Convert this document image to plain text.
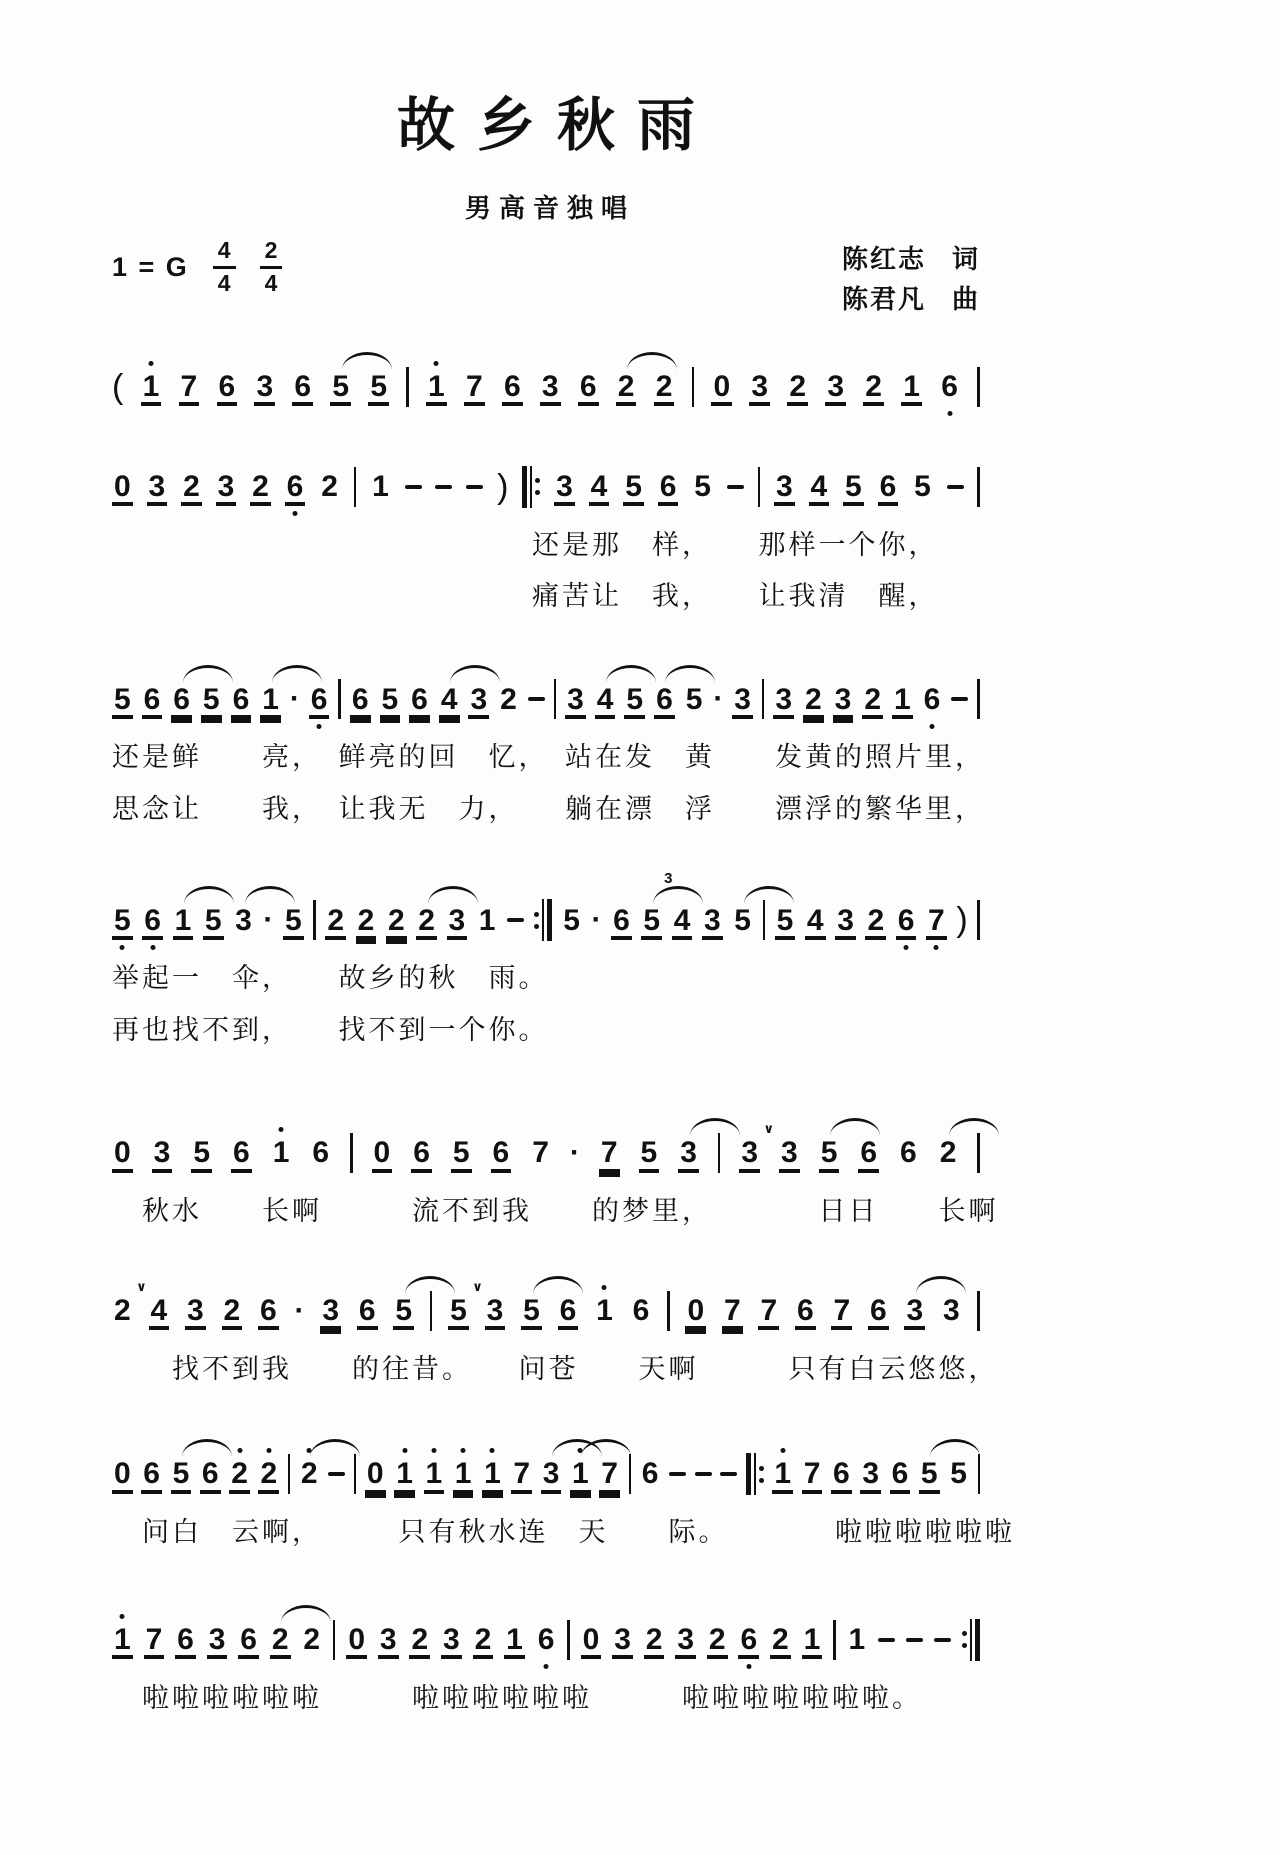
故乡秋雨
男高音独唱
1 = G $\frac{4}{4} \frac{2}{4}$	陈红志 词
陈君凡 曲
( 1 7 6 3 6 5 5 1 7 6 3 6 2 2 0 3 2 3 2 1 6
0 3 2 3 2 6 2 1	) 3 4 5 6 5 3 4 5 6 5
　　　　　　　　　　　　　　还是那　样，　　那样一个你，
　　　　　　　　　　　　　　痛苦让　我，　　让我清　醒，
5 6 6 5 6 1 · 6 6 5 6 4 3 2 3 4 5 6 5 · 3 3 2 3 2 1 6
还是鲜　　亮，　鲜亮的回　忆，　站在发　黄　　发黄的照片里，
思念让　　我，　让我无　力，　　躺在漂　浮　　漂浮的繁华里，
5 6 1 5 3 · 5 2 2 2 2 3 1 5 · 6 5
3
4 3 5 5 4 3 2 6 7 )
举起一　伞，　　故乡的秋　雨。
再也找不到，　　找不到一个你。
0 3 5 6 1 6 0 6 5 6 7 · 7 5 3 3
∨
3 5 6 6 2
　秋水　　长啊　　　流不到我　　的梦里，　　　　日日　　长啊
2
∨
4 3 2 6 · 3 6 5 5
∨
3 5 6 1 6 0 7 7 6 7 6 3 3
　　找不到我　　的往昔。　　问苍　　天啊　　　只有白云悠悠，
0 6 5 6 2 2 2 0 1 1 1 1 7 3 1 7 6	1 7 6 3 6 5 5
　问白　云啊，　　　只有秋水连　天　　际。　　　　啦啦啦啦啦啦
1 7 6 3 6 2 2 0 3 2 3 2 1 6 0 3 2 3 2 6 2 1 1
　啦啦啦啦啦啦　　　啦啦啦啦啦啦　　　啦啦啦啦啦啦啦。
